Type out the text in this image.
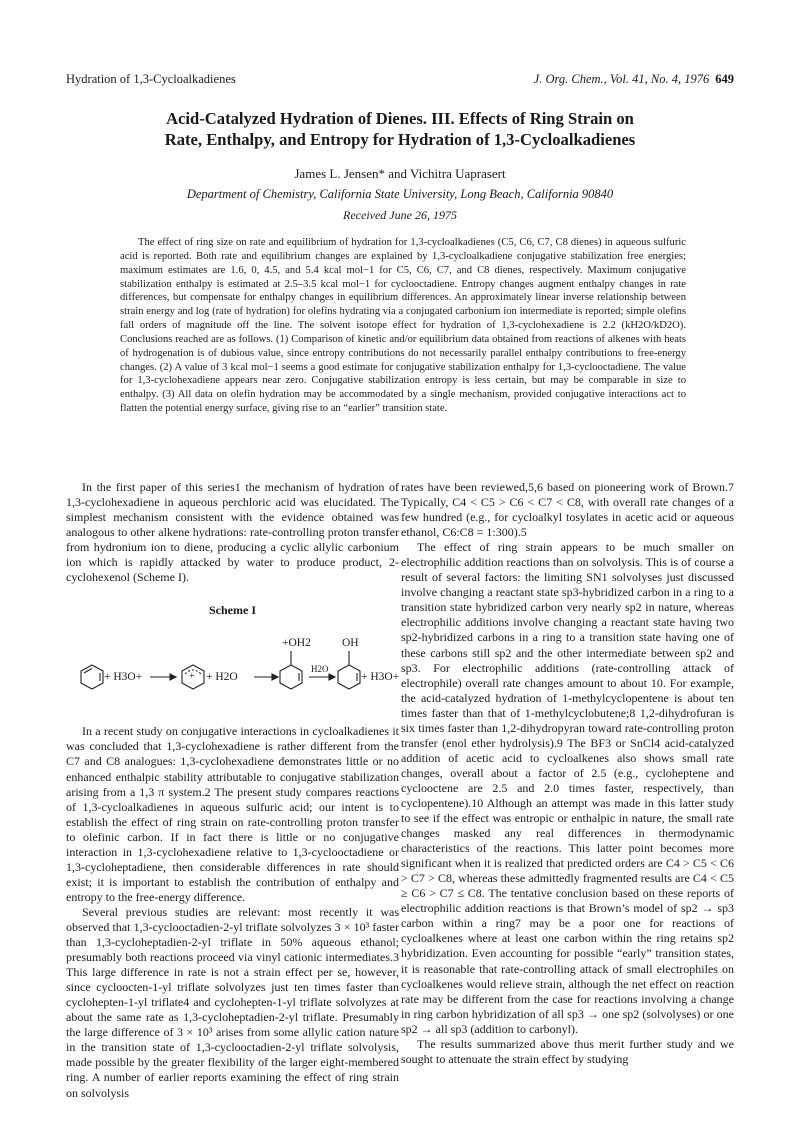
Hydration of 1,3-Cycloalkadienes	J. Org. Chem., Vol. 41, No. 4, 1976 649
Acid-Catalyzed Hydration of Dienes. III. Effects of Ring Strain on
Rate, Enthalpy, and Entropy for Hydration of 1,3-Cycloalkadienes
James L. Jensen* and Vichitra Uaprasert
Department of Chemistry, California State University, Long Beach, California 90840
Received June 26, 1975

The effect of ring size on rate and equilibrium of hydration for 1,3-cycloalkadienes (C5, C6, C7, C8 dienes) in aqueous sulfuric acid is reported. Both rate and equilibrium changes are explained by 1,3-cycloalkadiene conjugative stabilization free energies; maximum estimates are 1.6, 0, 4.5, and 5.4 kcal mol−1 for C5, C6, C7, and C8 dienes, respectively. Maximum conjugative stabilization enthalpy is estimated at 2.5–3.5 kcal mol−1 for cyclooctadiene. Entropy changes augment enthalpy changes in rate differences, but compensate for enthalpy changes in equilibrium differences. An approximately linear inverse relationship between strain energy and log (rate of hydration) for olefins hydrating via a conjugated carbonium ion intermediate is reported; simple olefins fall orders of magnitude off the line. The solvent isotope effect for hydration of 1,3-cyclohexadiene is 2.2 (kH2O/kD2O). Conclusions reached are as follows. (1) Comparison of kinetic and/or equilibrium data obtained from reactions of alkenes with heats of hydrogenation is of dubious value, since entropy contributions do not necessarily parallel enthalpy contributions to free-energy changes. (2) A value of 3 kcal mol−1 seems a good estimate for conjugative stabilization enthalpy for 1,3-cyclooctadiene. The value for 1,3-cyclohexadiene appears near zero. Conjugative stabilization entropy is less certain, but may be comparable in size to enthalpy. (3) All data on olefin hydration may be accommodated by a single mechanism, provided conjugative interactions act to flatten the potential energy surface, giving rise to an “earlier” transition state.

In the first paper of this series1 the mechanism of hydration of 1,3-cyclohexadiene in aqueous perchloric acid was elucidated. The simplest mechanism consistent with the evidence obtained was analogous to other alkene hydrations: rate-controlling proton transfer from hydronium ion to diene, producing a cyclic allylic carbonium ion which is rapidly attacked by water to produce product, 2-cyclohexenol (Scheme I).

Scheme I
+ H3O+	+ + H2O
+OH2
H2O
OH
+ H3O+

In a recent study on conjugative interactions in cycloalkadienes it was concluded that 1,3-cyclohexadiene is rather different from the C7 and C8 analogues: 1,3-cyclohexadiene demonstrates little or no enhanced enthalpic stability attributable to conjugative stabilization arising from a 1,3 π system.2 The present study compares reactions of 1,3-cycloalkadienes in aqueous sulfuric acid; our intent is to establish the effect of ring strain on rate-controlling proton transfer to olefinic carbon. If in fact there is little or no conjugative interaction in 1,3-cyclohexadiene relative to 1,3-cyclooctadiene or 1,3-cycloheptadiene, then considerable differences in rate should exist; it is important to establish the contribution of enthalpy and entropy to the free-energy difference.

Several previous studies are relevant: most recently it was observed that 1,3-cyclooctadien-2-yl triflate solvolyzes 3 × 10³ faster than 1,3-cycloheptadien-2-yl triflate in 50% aqueous ethanol; presumably both reactions proceed via vinyl cationic intermediates.3 This large difference in rate is not a strain effect per se, however, since cycloocten-1-yl triflate solvolyzes just ten times faster than cyclohepten-1-yl triflate4 and cyclohepten-1-yl triflate solvolyzes at about the same rate as 1,3-cycloheptadien-2-yl triflate. Presumably the large difference of 3 × 10³ arises from some allylic cation nature in the transition state of 1,3-cyclooctadien-2-yl triflate solvolysis, made possible by the greater flexibility of the larger eight-membered ring. A number of earlier reports examining the effect of ring strain on solvolysis

rates have been reviewed,5,6 based on pioneering work of Brown.7 Typically, C4 < C5 > C6 < C7 < C8, with overall rate changes of a few hundred (e.g., for cycloalkyl tosylates in acetic acid or aqueous ethanol, C6:C8 = 1:300).5

The effect of ring strain appears to be much smaller on electrophilic addition reactions than on solvolysis. This is of course a result of several factors: the limiting SN1 solvolyses just discussed involve changing a reactant state sp3-hybridized carbon in a ring to a transition state hybridized carbon very nearly sp2 in nature, whereas electrophilic additions involve changing a reactant state having two sp2-hybridized carbons in a ring to a transition state having one of these carbons still sp2 and the other intermediate between sp2 and sp3. For electrophilic additions (rate-controlling attack of electrophile) overall rate changes amount to about 10. For example, the acid-catalyzed hydration of 1-methylcyclopentene is about ten times faster than that of 1-methylcyclobutene;8 1,2-dihydrofuran is six times faster than 1,2-dihydropyran toward rate-controlling proton transfer (enol ether hydrolysis).9 The BF3 or SnCl4 acid-catalyzed addition of acetic acid to cycloalkenes also shows small rate changes, overall about a factor of 2.5 (e.g., cycloheptene and cyclooctene are 2.5 and 2.0 times faster, respectively, than cyclopentene).10 Although an attempt was made in this latter study to see if the effect was entropic or enthalpic in nature, the small rate changes masked any real differences in thermodynamic characteristics of the reactions. This latter point becomes more significant when it is realized that predicted orders are C4 > C5 < C6 > C7 > C8, whereas these admittedly fragmented results are C4 < C5 ≥ C6 > C7 ≤ C8. The tentative conclusion based on these reports of electrophilic addition reactions is that Brown’s model of sp2 → sp3 carbon within a ring7 may be a poor one for reactions of cycloalkenes where at least one carbon within the ring retains sp2 hybridization. Even accounting for possible “early” transition states, it is reasonable that rate-controlling attack of small electrophiles on cycloalkenes would relieve strain, although the net effect on reaction rate may be different from the case for reactions involving a change in ring carbon hybridization of all sp3 → one sp2 (solvolyses) or one sp2 → all sp3 (addition to carbonyl).

The results summarized above thus merit further study and we sought to attenuate the strain effect by studying
